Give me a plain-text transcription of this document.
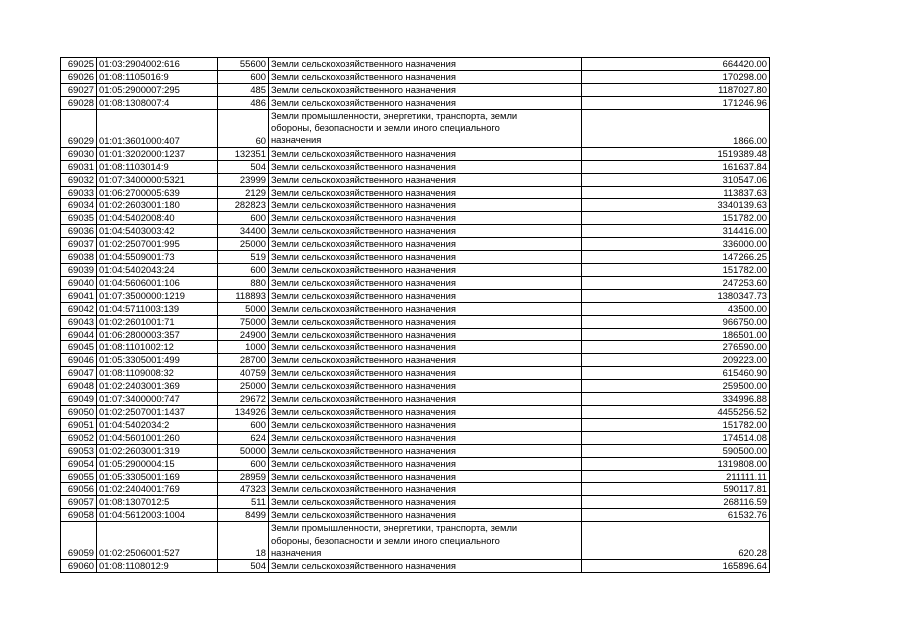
69025	01:03:2904002:616	55600	Земли сельскохозяйственного назначения	664420.00
69026	01:08:1105016:9	600	Земли сельскохозяйственного назначения	170298.00
69027	01:05:2900007:295	485	Земли сельскохозяйственного назначения	1187027.80
69028	01:08:1308007:4	486	Земли сельскохозяйственного назначения	171246.96
69029	01:01:3601000:407	60	Земли промышленности, энергетики, транспорта, земли
обороны, безопасности и земли иного специального
назначения	1866.00
69030	01:01:3202000:1237	132351	Земли сельскохозяйственного назначения	1519389.48
69031	01:08:1103014:9	504	Земли сельскохозяйственного назначения	161637.84
69032	01:07:3400000:5321	23999	Земли сельскохозяйственного назначения	310547.06
69033	01:06:2700005:639	2129	Земли сельскохозяйственного назначения	113837.63
69034	01:02:2603001:180	282823	Земли сельскохозяйственного назначения	3340139.63
69035	01:04:5402008:40	600	Земли сельскохозяйственного назначения	151782.00
69036	01:04:5403003:42	34400	Земли сельскохозяйственного назначения	314416.00
69037	01:02:2507001:995	25000	Земли сельскохозяйственного назначения	336000.00
69038	01:04:5509001:73	519	Земли сельскохозяйственного назначения	147266.25
69039	01:04:5402043:24	600	Земли сельскохозяйственного назначения	151782.00
69040	01:04:5606001:106	880	Земли сельскохозяйственного назначения	247253.60
69041	01:07:3500000:1219	118893	Земли сельскохозяйственного назначения	1380347.73
69042	01:04:5711003:139	5000	Земли сельскохозяйственного назначения	43500.00
69043	01:02:2601001:71	75000	Земли сельскохозяйственного назначения	966750.00
69044	01:06:2800003:357	24900	Земли сельскохозяйственного назначения	186501.00
69045	01:08:1101002:12	1000	Земли сельскохозяйственного назначения	276590.00
69046	01:05:3305001:499	28700	Земли сельскохозяйственного назначения	209223.00
69047	01:08:1109008:32	40759	Земли сельскохозяйственного назначения	615460.90
69048	01:02:2403001:369	25000	Земли сельскохозяйственного назначения	259500.00
69049	01:07:3400000:747	29672	Земли сельскохозяйственного назначения	334996.88
69050	01:02:2507001:1437	134926	Земли сельскохозяйственного назначения	4455256.52
69051	01:04:5402034:2	600	Земли сельскохозяйственного назначения	151782.00
69052	01:04:5601001:260	624	Земли сельскохозяйственного назначения	174514.08
69053	01:02:2603001:319	50000	Земли сельскохозяйственного назначения	590500.00
69054	01:05:2900004:15	600	Земли сельскохозяйственного назначения	1319808.00
69055	01:05:3305001:169	28959	Земли сельскохозяйственного назначения	211111.11
69056	01:02:2404001:769	47323	Земли сельскохозяйственного назначения	590117.81
69057	01:08:1307012:5	511	Земли сельскохозяйственного назначения	268116.59
69058	01:04:5612003:1004	8499	Земли сельскохозяйственного назначения	61532.76
69059	01:02:2506001:527	18	Земли промышленности, энергетики, транспорта, земли
обороны, безопасности и земли иного специального
назначения	620.28
69060	01:08:1108012:9	504	Земли сельскохозяйственного назначения	165896.64
